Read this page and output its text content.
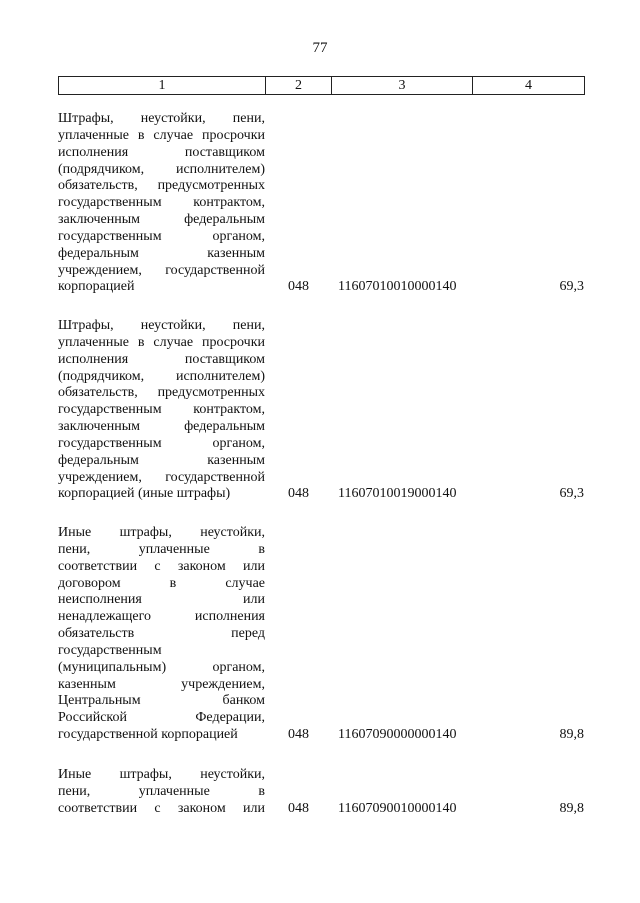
77
1	2	3	4
Штрафы, неустойки, пени,
уплаченные в случае просрочки
исполнения поставщиком
(подрядчиком, исполнителем)
обязательств, предусмотренных
государственным контрактом,
заключенным федеральным
государственным органом,
федеральным казенным
учреждением, государственной
корпорацией	048 11607010010000140	69,3
Штрафы, неустойки, пени,
уплаченные в случае просрочки
исполнения поставщиком
(подрядчиком, исполнителем)
обязательств, предусмотренных
государственным контрактом,
заключенным федеральным
государственным органом,
федеральным казенным
учреждением, государственной
корпорацией (иные штрафы)	048 11607010019000140	69,3
Иные штрафы, неустойки,
пени, уплаченные в
соответствии с законом или
договором в случае
неисполнения или
ненадлежащего исполнения
обязательств перед
государственным
(муниципальным) органом,
казенным учреждением,
Центральным банком
Российской Федерации,
государственной корпорацией	048 11607090000000140	89,8
Иные штрафы, неустойки,
пени, уплаченные в
соответствии с законом или 048 11607090010000140	89,8
